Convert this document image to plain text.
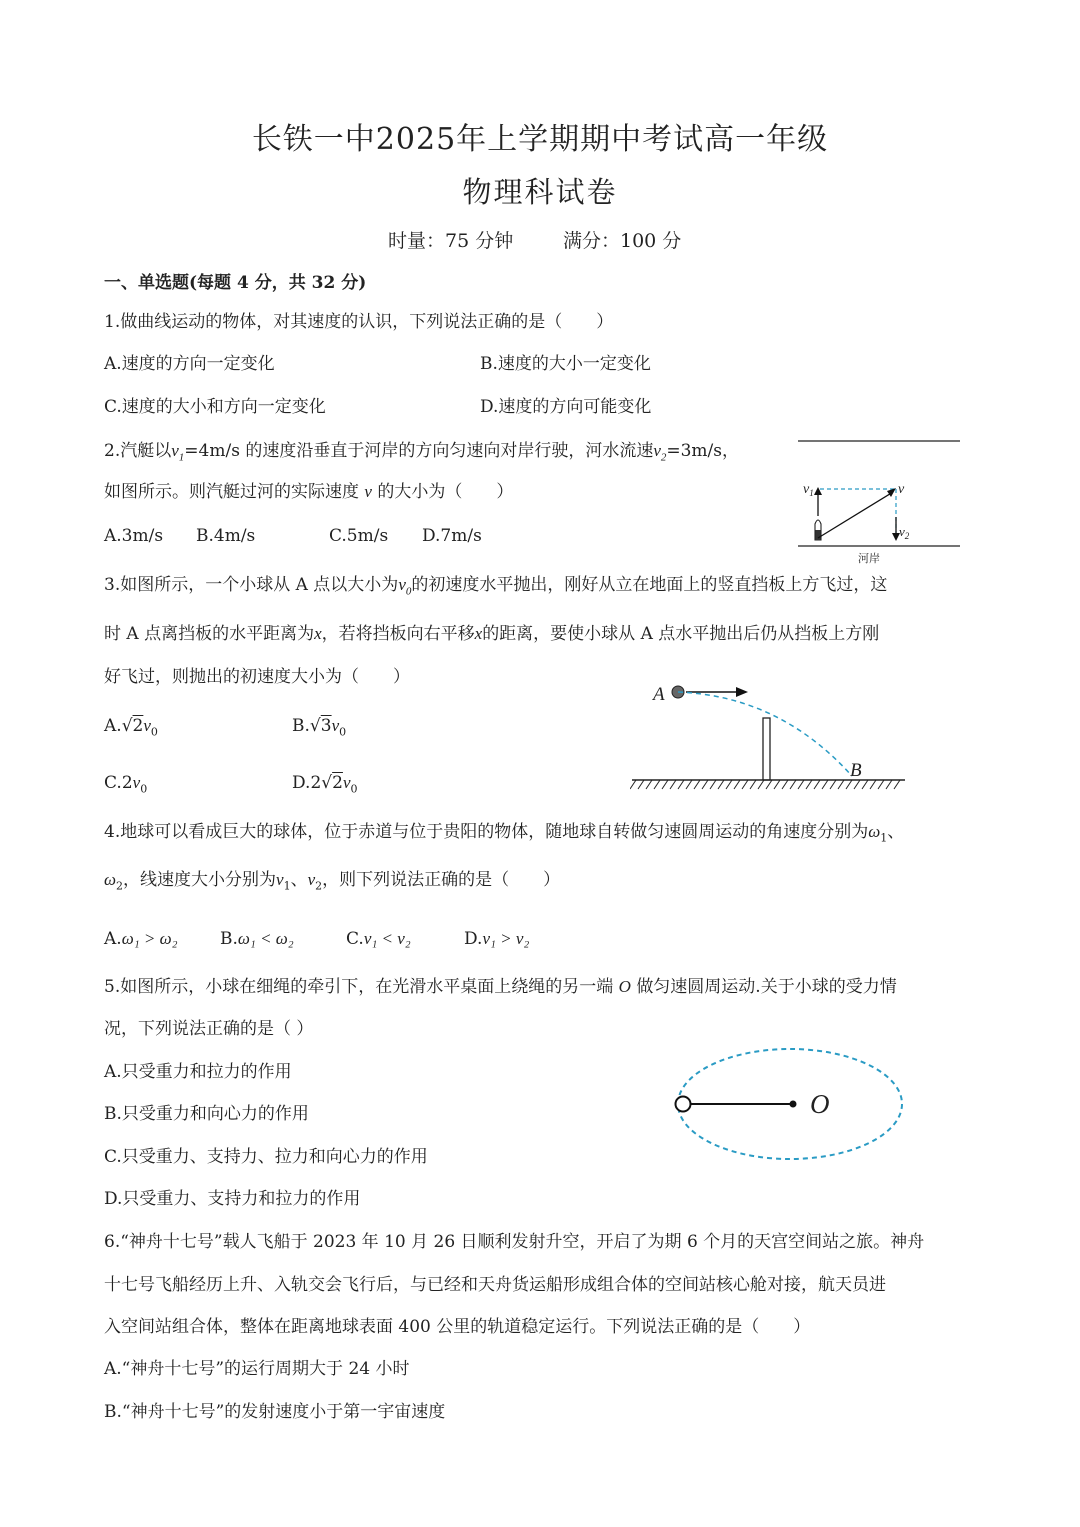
长铁一中2025年上学期期中考试高一年级
物理科试卷
时量：75 分钟	满分：100 分
一、单选题(每题 4 分，共 32 分)
1.做曲线运动的物体，对其速度的认识，下列说法正确的是（　　）
A.速度的方向一定变化	B.速度的大小一定变化
C.速度的大小和方向一定变化	D.速度的方向可能变化
2.汽艇以$v_1=4m/s$ 的速度沿垂直于河岸的方向匀速向对岸行驶，河水流速$v_2=3m/s$，
如图所示。则汽艇过河的实际速度 v 的大小为（　　）
A.3m/s B.4m/s	C.5m/s D.7m/s
$v_1$	v
$v_2$
河岸
3.如图所示，一个小球从 A 点以大小为$v_0$的初速度水平抛出，刚好从立在地面上的竖直挡板上方飞过，这
时 A 点离挡板的水平距离为x，若将挡板向右平移x的距离，要使小球从 A 点水平抛出后仍从挡板上方刚
好飞过，则抛出的初速度大小为（　　）
$A.√2v_0$	$B.√3v_0$
$C.2v_0$	$D.2√2v_0$
A
B
4.地球可以看成巨大的球体，位于赤道与位于贵阳的物体，随地球自转做匀速圆周运动的角速度分别为$\omega_1$、
$\omega_2$，线速度大小分别为$v_1$、$v_2$，则下列说法正确的是（　　）
A.ω₁ > ω₂	B.ω₁ < ω₂	C.v₁ < v₂	D.v₁ > v₂
5.如图所示，小球在细绳的牵引下，在光滑水平桌面上绕绳的另一端 O 做匀速圆周运动.关于小球的受力情
况，下列说法正确的是（ ）
A.只受重力和拉力的作用
B.只受重力和向心力的作用
C.只受重力、支持力、拉力和向心力的作用
D.只受重力、支持力和拉力的作用
O
6.“神舟十七号”载人飞船于 2023 年 10 月 26 日顺利发射升空，开启了为期 6 个月的天宫空间站之旅。神舟
十七号飞船经历上升、入轨交会飞行后，与已经和天舟货运船形成组合体的空间站核心舱对接，航天员进
入空间站组合体，整体在距离地球表面 400 公里的轨道稳定运行。下列说法正确的是（　　）
A.“神舟十七号”的运行周期大于 24 小时
B.“神舟十七号”的发射速度小于第一宇宙速度
